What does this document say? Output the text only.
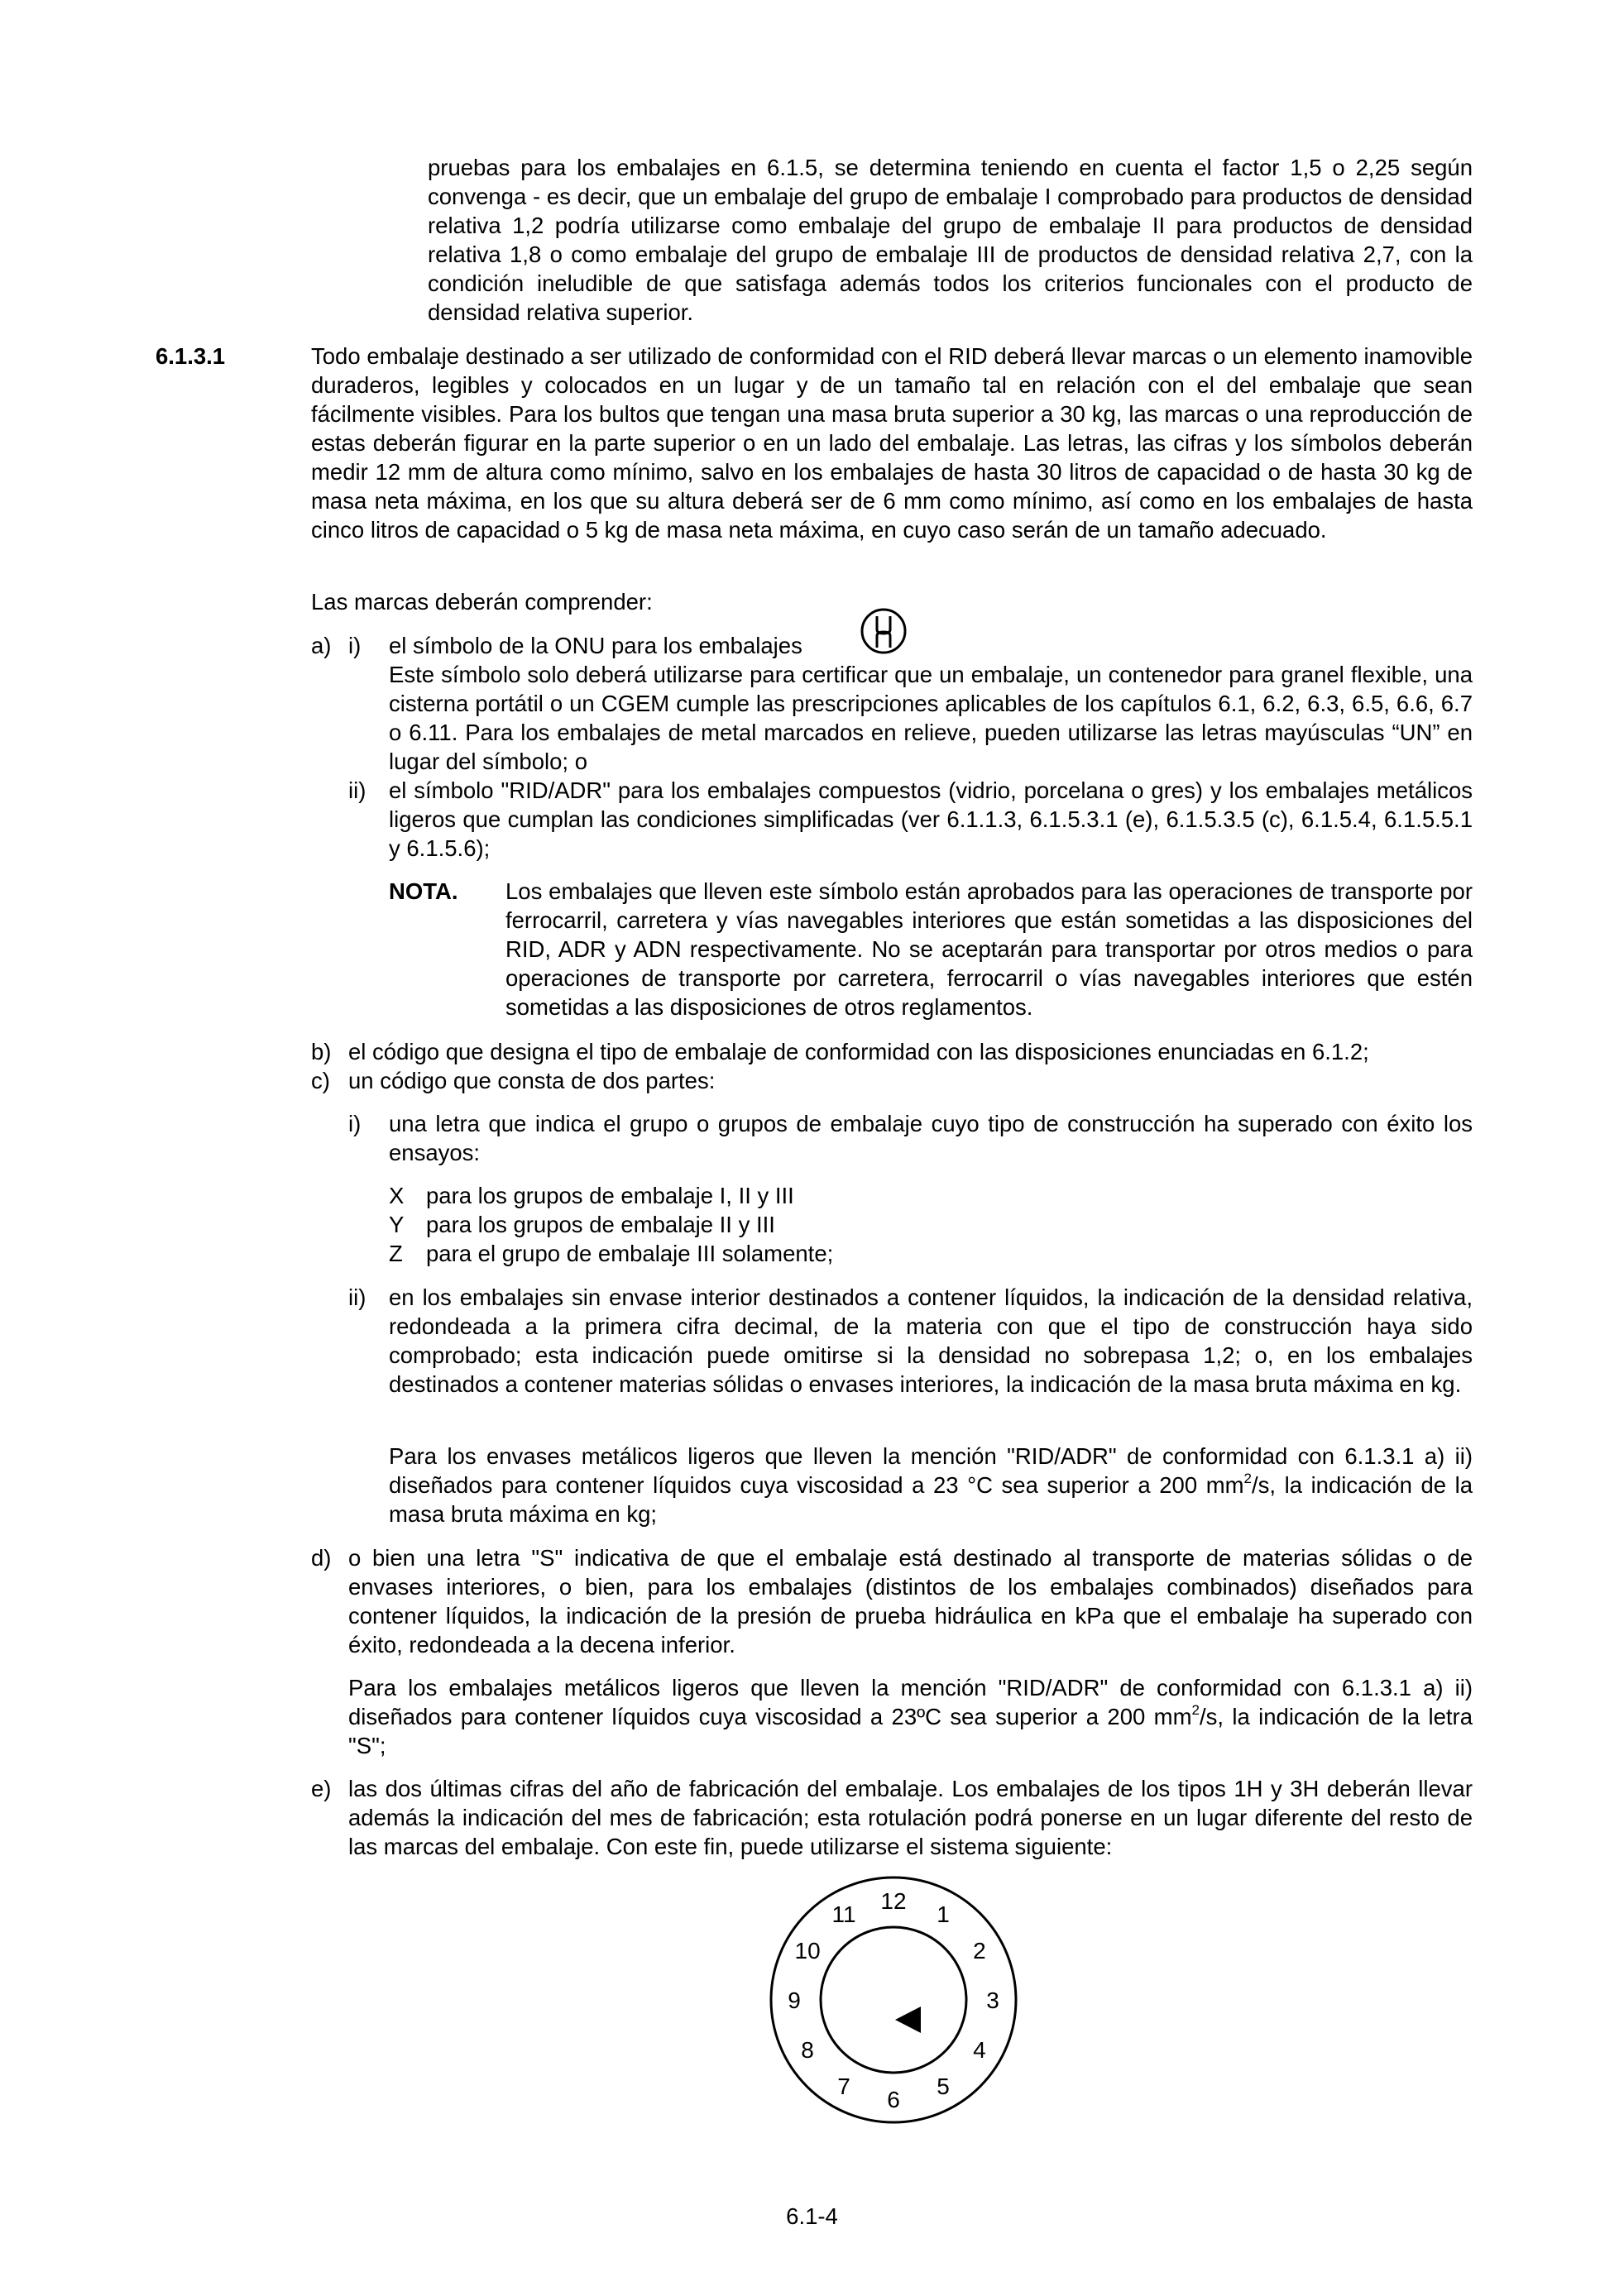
pruebas para los embalajes en 6.1.5, se determina teniendo en cuenta el factor 1,5 o 2,25 según convenga - es decir, que un embalaje del grupo de embalaje I comprobado para productos de densidad relativa 1,2 podría utilizarse como embalaje del grupo de embalaje II para productos de densidad relativa 1,8 o como embalaje del grupo de embalaje III de productos de densidad relativa 2,7, con la condición ineludible de que satisfaga además todos los criterios funcionales con el producto de densidad relativa superior.

6.1.3.1	Todo embalaje destinado a ser utilizado de conformidad con el RID deberá llevar marcas o un elemento inamovible duraderos, legibles y colocados en un lugar y de un tamaño tal en relación con el del embalaje que sean fácilmente visibles. Para los bultos que tengan una masa bruta superior a 30 kg, las marcas o una reproducción de estas deberán figurar en la parte superior o en un lado del embalaje. Las letras, las cifras y los símbolos deberán medir 12 mm de altura como mínimo, salvo en los embalajes de hasta 30 litros de capacidad o de hasta 30 kg de masa neta máxima, en los que su altura deberá ser de 6 mm como mínimo, así como en los embalajes de hasta cinco litros de capacidad o 5 kg de masa neta máxima, en cuyo caso serán de un tamaño adecuado.

Las marcas deberán comprender:

a) i) el símbolo de la ONU para los embalajes

Este símbolo solo deberá utilizarse para certificar que un embalaje, un contenedor para granel flexible, una cisterna portátil o un CGEM cumple las prescripciones aplicables de los capítulos 6.1, 6.2, 6.3, 6.5, 6.6, 6.7 o 6.11. Para los embalajes de metal marcados en relieve, pueden utilizarse las letras mayúsculas “UN” en lugar del símbolo; o

ii) el símbolo "RID/ADR" para los embalajes compuestos (vidrio, porcelana o gres) y los embalajes metálicos ligeros que cumplan las condiciones simplificadas (ver 6.1.1.3, 6.1.5.3.1 (e), 6.1.5.3.5 (c), 6.1.5.4, 6.1.5.5.1 y 6.1.5.6);

NOTA. Los embalajes que lleven este símbolo están aprobados para las operaciones de transporte por ferrocarril, carretera y vías navegables interiores que están sometidas a las disposiciones del RID, ADR y ADN respectivamente. No se aceptarán para transportar por otros medios o para operaciones de transporte por carretera, ferrocarril o vías navegables interiores que estén sometidas a las disposiciones de otros reglamentos.

b) el código que designa el tipo de embalaje de conformidad con las disposiciones enunciadas en 6.1.2;
c) un código que consta de dos partes:
i) una letra que indica el grupo o grupos de embalaje cuyo tipo de construcción ha superado con éxito los ensayos:

X para los grupos de embalaje I, II y III
Y para los grupos de embalaje II y III
Z para el grupo de embalaje III solamente;
ii) en los embalajes sin envase interior destinados a contener líquidos, la indicación de la densidad relativa, redondeada a la primera cifra decimal, de la materia con que el tipo de construcción haya sido comprobado; esta indicación puede omitirse si la densidad no sobrepasa 1,2; o, en los embalajes destinados a contener materias sólidas o envases interiores, la indicación de la masa bruta máxima en kg.

Para los envases metálicos ligeros que lleven la mención "RID/ADR" de conformidad con 6.1.3.1 a) ii) diseñados para contener líquidos cuya viscosidad a 23 °C sea superior a 200 $mm^2/s$, la indicación de la masa bruta máxima en kg;

d) o bien una letra "S" indicativa de que el embalaje está destinado al transporte de materias sólidas o de envases interiores, o bien, para los embalajes (distintos de los embalajes combinados) diseñados para contener líquidos, la indicación de la presión de prueba hidráulica en kPa que el embalaje ha superado con éxito, redondeada a la decena inferior.

Para los embalajes metálicos ligeros que lleven la mención "RID/ADR" de conformidad con 6.1.3.1 a) ii) diseñados para contener líquidos cuya viscosidad a 23ºC sea superior a 200 $mm^2/s$, la indicación de la letra "S";

e) las dos últimas cifras del año de fabricación del embalaje. Los embalajes de los tipos 1H y 3H deberán llevar además la indicación del mes de fabricación; esta rotulación podrá ponerse en un lugar diferente del resto de las marcas del embalaje. Con este fin, puede utilizarse el sistema siguiente:

12
1
2
3
4
5
6
7
8
9
10
11
6.1-4
